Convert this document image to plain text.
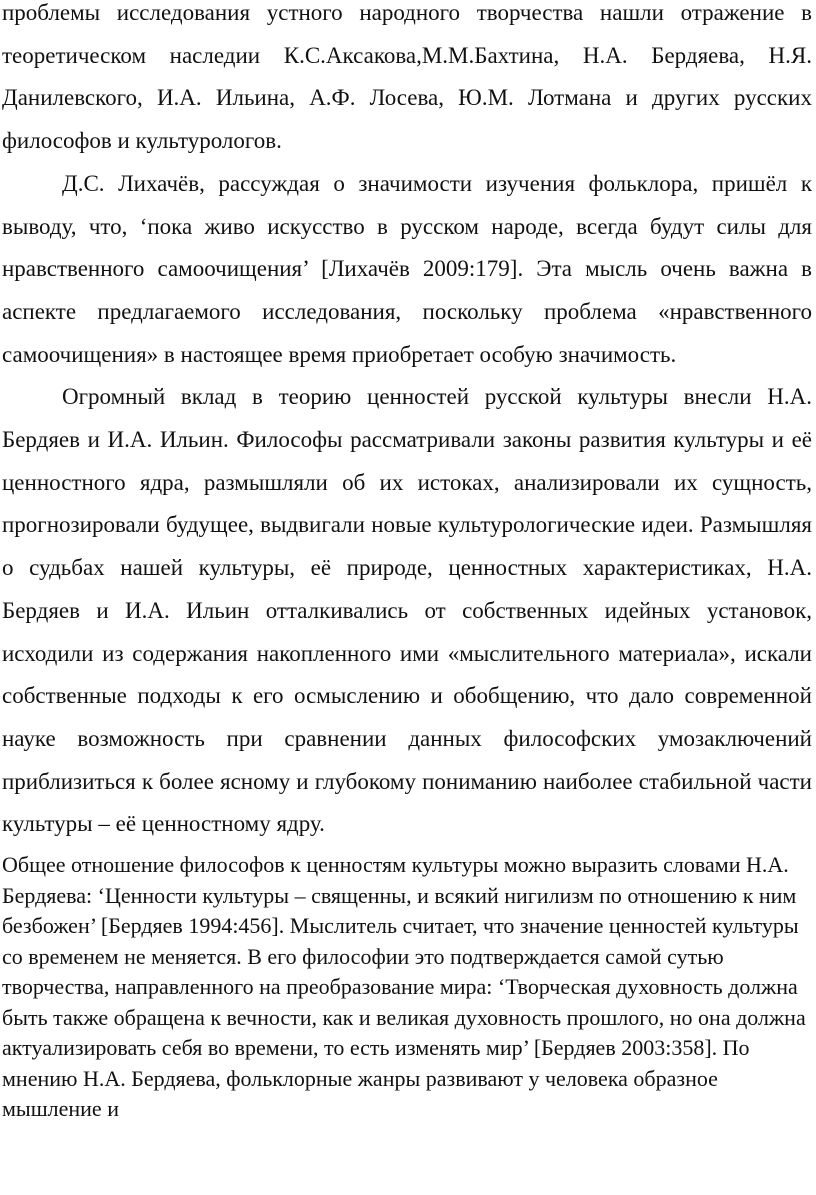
проблемы исследования устного народного творчества нашли отражение в теоретическом наследии К.С.Аксакова,М.М.Бахтина, Н.А. Бердяева, Н.Я. Данилевского, И.А. Ильина, А.Ф. Лосева, Ю.М. Лотмана и других русских философов и культурологов.

Д.С. Лихачёв, рассуждая о значимости изучения фольклора, пришёл к выводу, что, ‘пока живо искусство в русском народе, всегда будут силы для нравственного самоочищения’ [Лихачёв 2009:179]. Эта мысль очень важна в аспекте предлагаемого исследования, поскольку проблема «нравственного самоочищения» в настоящее время приобретает особую значимость.

Огромный вклад в теорию ценностей русской культуры внесли Н.А. Бердяев и И.А. Ильин. Философы рассматривали законы развития культуры и её ценностного ядра, размышляли об их истоках, анализировали их сущность, прогнозировали будущее, выдвигали новые культурологические идеи. Размышляя о судьбах нашей культуры, её природе, ценностных характеристиках, Н.А. Бердяев и И.А. Ильин отталкивались от собственных идейных установок, исходили из содержания накопленного ими «мыслительного материала», искали собственные подходы к его осмыслению и обобщению, что дало современной науке возможность при сравнении данных философских умозаключений приблизиться к более ясному и глубокому пониманию наиболее стабильной части культуры – её ценностному ядру.

Общее отношение философов к ценностям культуры можно выразить словами Н.А. Бердяева: ‘Ценности культуры – священны, и всякий нигилизм по отношению к ним безбожен’ [Бердяев 1994:456]. Мыслитель считает, что значение ценностей культуры со временем не меняется. В его философии это подтверждается самой сутью творчества, направленного на преобразование мира: ‘Творческая духовность должна быть также обращена к вечности, как и великая духовность прошлого, но она должна актуализировать себя во времени, то есть изменять мир’ [Бердяев 2003:358]. По мнению Н.А. Бердяева, фольклорные жанры развивают у человека образное мышление и
